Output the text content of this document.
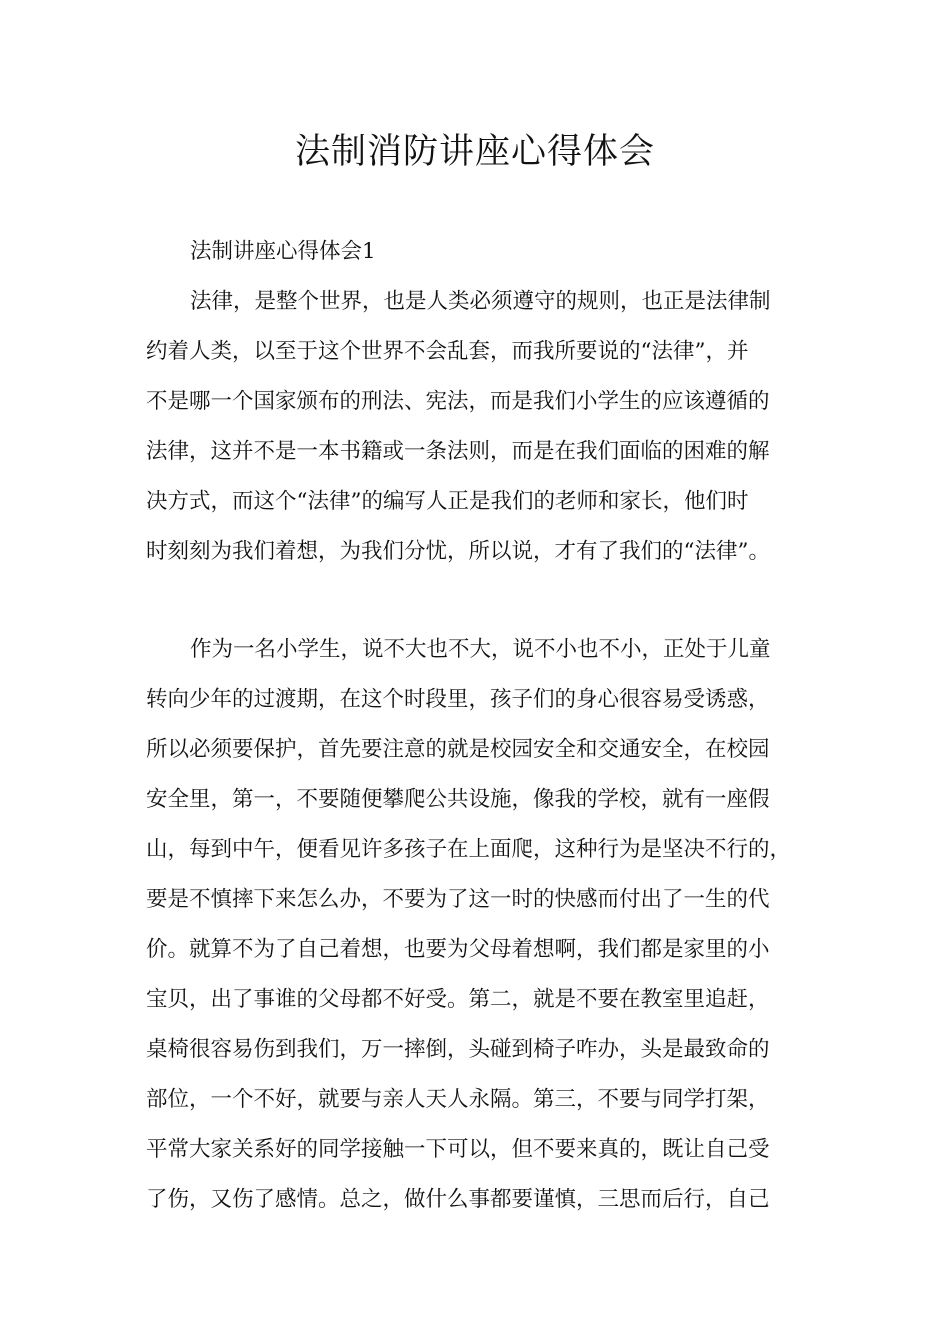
法制消防讲座心得体会

法制讲座心得体会1

法律，是整个世界，也是人类必须遵守的规则，也正是法律制

约着人类，以至于这个世界不会乱套，而我所要说的“法律”，并

不是哪一个国家颁布的刑法、宪法，而是我们小学生的应该遵循的

法律，这并不是一本书籍或一条法则，而是在我们面临的困难的解

决方式，而这个“法律”的编写人正是我们的老师和家长，他们时

时刻刻为我们着想，为我们分忧，所以说，才有了我们的“法律”。

作为一名小学生，说不大也不大，说不小也不小，正处于儿童

转向少年的过渡期，在这个时段里，孩子们的身心很容易受诱惑，

所以必须要保护，首先要注意的就是校园安全和交通安全，在校园

安全里，第一，不要随便攀爬公共设施，像我的学校，就有一座假

山，每到中午，便看见许多孩子在上面爬，这种行为是坚决不行的，

要是不慎摔下来怎么办，不要为了这一时的快感而付出了一生的代

价。就算不为了自己着想，也要为父母着想啊，我们都是家里的小

宝贝，出了事谁的父母都不好受。第二，就是不要在教室里追赶，

桌椅很容易伤到我们，万一摔倒，头碰到椅子咋办，头是最致命的

部位，一个不好，就要与亲人天人永隔。第三，不要与同学打架，

平常大家关系好的同学接触一下可以，但不要来真的，既让自己受

了伤，又伤了感情。总之，做什么事都要谨慎，三思而后行，自己
